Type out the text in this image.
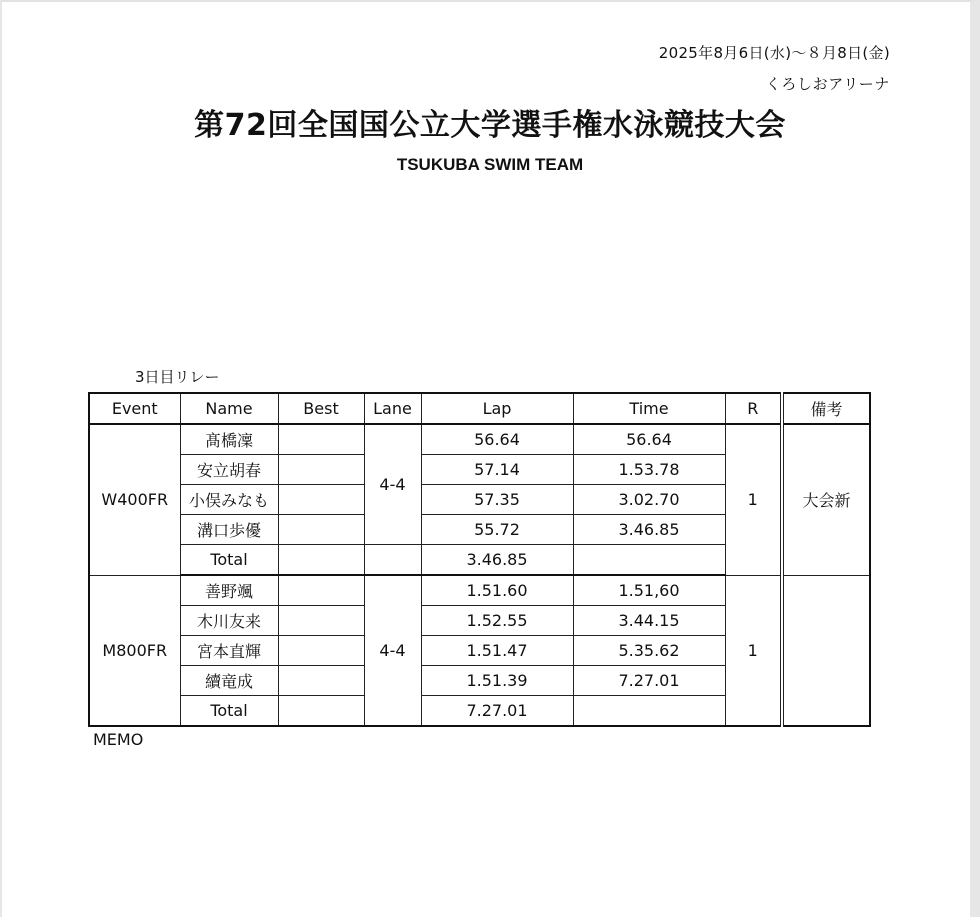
2025年8月6日(水)～８月8日(金)
くろしおアリーナ
第72回全国国公立大学選手権水泳競技大会
TSUKUBA SWIM TEAM
3日目リレー
Event	Name	Best	Lane	Lap	Time	R	備考
W400FR	髙橋凜		4-4	56.64	56.64	1	大会新
	安立胡春			57.14	1.53.78		
	小俣みなも			57.35	3.02.70		
	溝口歩優			55.72	3.46.85		
	Total			3.46.85			
M800FR	善野颯		4-4	1.51.60	1.51,60	1	
	木川友来			1.52.55	3.44.15		
	宮本直輝			1.51.47	5.35.62		
	續竜成			1.51.39	7.27.01		
	Total			7.27.01			
MEMO
